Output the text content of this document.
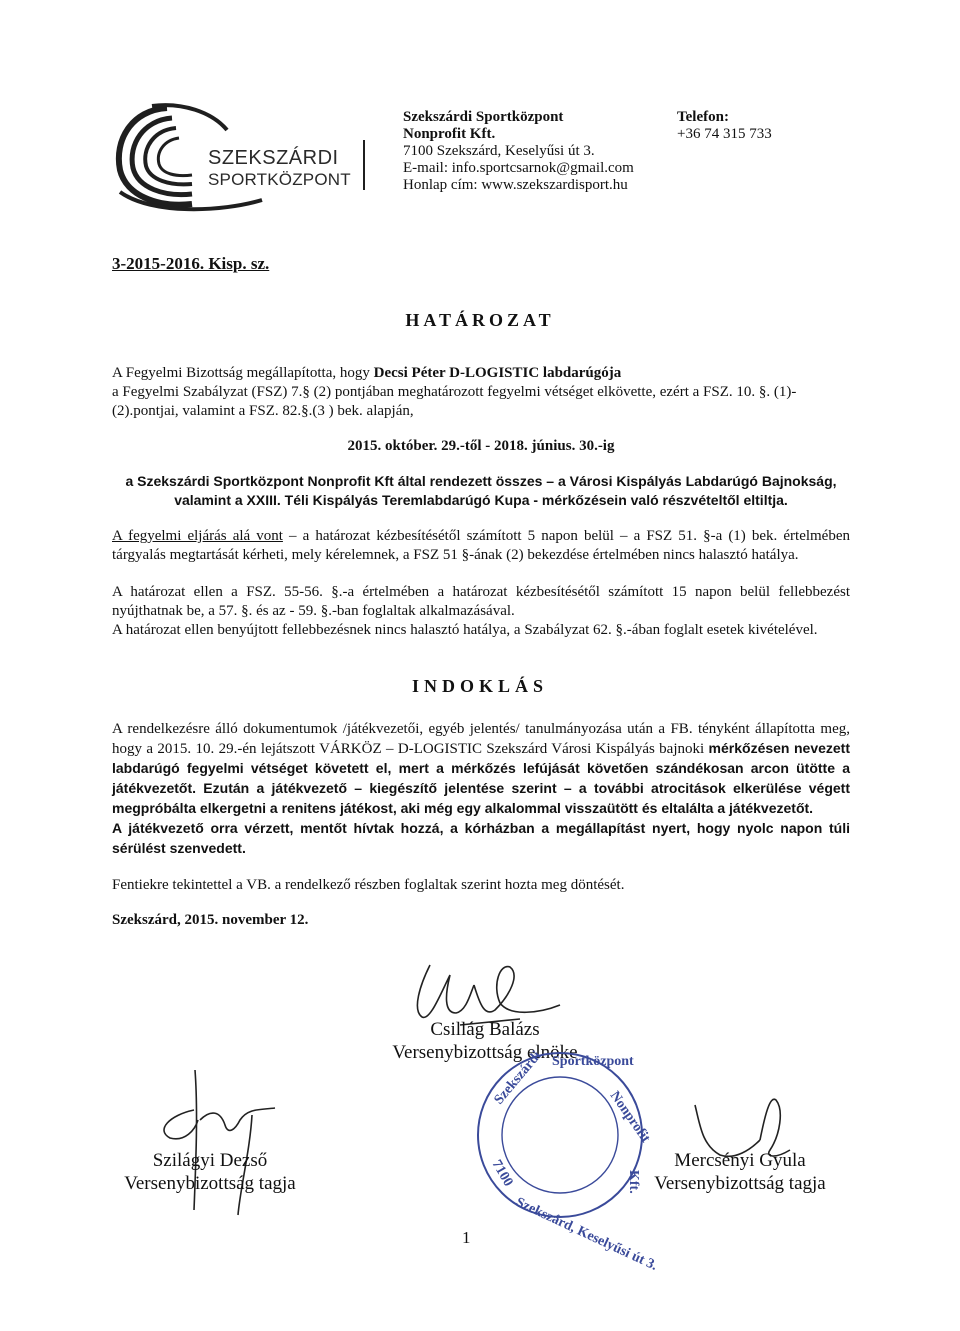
SZEKSZÁRDI
SPORTKÖZPONT
Szekszárdi Sportközpont
Nonprofit Kft.
7100 Szekszárd, Keselyűsi út 3.
E-mail: info.sportcsarnok@gmail.com
Honlap cím: www.szekszardisport.hu
Telefon:
+36 74 315 733
3-2015-2016. Kisp. sz.
HATÁROZAT
A Fegyelmi Bizottság megállapította, hogy Decsi Péter D-LOGISTIC labdarúgója
a Fegyelmi Szabályzat (FSZ) 7.§ (2) pontjában meghatározott fegyelmi vétséget elkövette, ezért a FSZ. 10. §. (1)-(2).pontjai, valamint a FSZ. 82.§.(3 ) bek. alapján,
2015. október. 29.-től - 2018. június. 30.-ig
a Szekszárdi Sportközpont Nonprofit Kft által rendezett összes – a Városi Kispályás Labdarúgó Bajnokság, valamint a XXIII. Téli Kispályás Teremlabdarúgó Kupa - mérkőzésein való részvételtől eltiltja.
A fegyelmi eljárás alá vont – a határozat kézbesítésétől számított 5 napon belül – a FSZ 51. §-a (1) bek. értelmében tárgyalás megtartását kérheti, mely kérelemnek, a FSZ 51 §-ának (2) bekezdése értelmében nincs halasztó hatálya.
A határozat ellen a FSZ. 55-56. §.-a értelmében a határozat kézbesítésétől számított 15 napon belül fellebbezést nyújthatnak be, a 57. §. és az - 59. §.-ban foglaltak alkalmazásával.
A határozat ellen benyújtott fellebbezésnek nincs halasztó hatálya, a Szabályzat 62. §.-ában foglalt esetek kivételével.
INDOKLÁS
A rendelkezésre álló dokumentumok /játékvezetői, egyéb jelentés/ tanulmányozása után a FB. tényként állapította meg, hogy a 2015. 10. 29.-én lejátszott VÁRKÖZ – D-LOGISTIC Szekszárd Városi Kispályás bajnoki mérkőzésen nevezett labdarúgó fegyelmi vétséget követett el, mert a mérkőzés lefújását követően szándékosan arcon ütötte a játékvezetőt. Ezután a játékvezető – kiegészítő jelentése szerint – a további atrocitások elkerülése végett megpróbálta elkergetni a renitens játékost, aki még egy alkalommal visszaütött és eltalálta a játékvezetőt.
A játékvezető orra vérzett, mentőt hívtak hozzá, a kórházban a megállapítást nyert, hogy nyolc napon túli sérülést szenvedett.
Fentiekre tekintettel a VB. a rendelkező részben foglaltak szerint hozta meg döntését.
Szekszárd, 2015. november 12.
Csillág Balázs
Versenybizottság elnöke
Szekszárdi Sportközpont
Nonprofit
Kft.
7100
Szekszárd, Keselyűsi út 3.
Szilágyi Dezső
Versenybizottság tagja
Mercsényi Gyula
Versenybizottság tagja
1
